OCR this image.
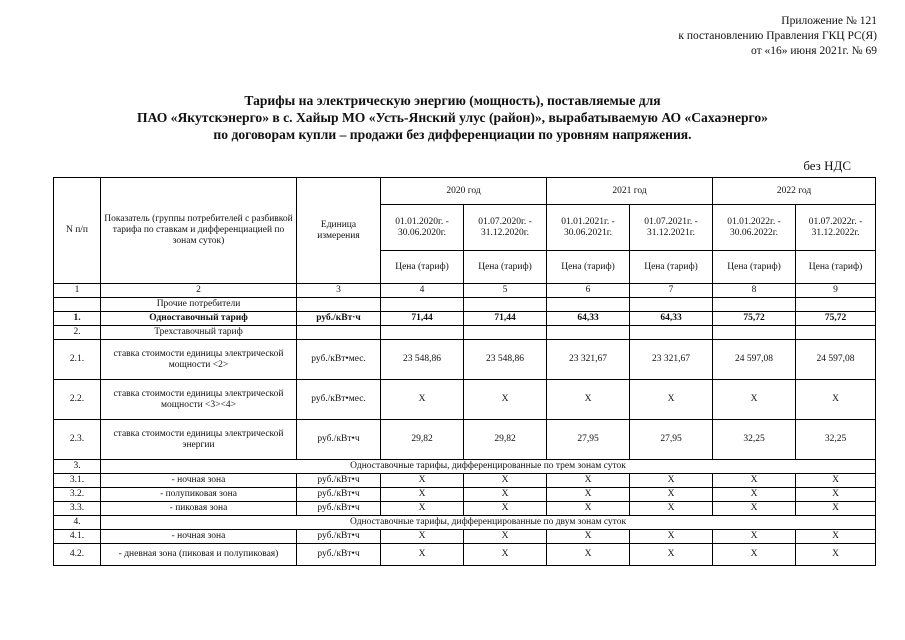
Приложение № 121
к постановлению Правления ГКЦ РС(Я)
от «16» июня 2021г. № 69
Тарифы на электрическую энергию (мощность), поставляемые для
ПАО «Якутскэнерго» в с. Хайыр МО «Усть-Янский улус (район)», вырабатываемую АО «Сахаэнерго»
по договорам купли – продажи без дифференциации по уровням напряжения.
без НДС
N п/п	Показатель (группы потребителей с разбивкой тарифа по ставкам и дифференциацией по зонам суток)	Единица измерения	2020 год		2021 год		2022 год	
			01.01.2020г. - 30.06.2020г.	01.07.2020г. - 31.12.2020г.	01.01.2021г. - 30.06.2021г.	01.07.2021г. - 31.12.2021г.	01.01.2022г. - 30.06.2022г.	01.07.2022г. - 31.12.2022г.
			Цена (тариф)	Цена (тариф)	Цена (тариф)	Цена (тариф)	Цена (тариф)	Цена (тариф)
1	2	3	4	5	6	7	8	9
	Прочие потребители							
1.	Одноставочный тариф	руб./кВт·ч	71,44	71,44	64,33	64,33	75,72	75,72
2.	Трехставочный тариф							
2.1.	ставка стоимости единицы электрической мощности <2>	руб./кВт•мес.	23 548,86	23 548,86	23 321,67	23 321,67	24 597,08	24 597,08
2.2.	ставка стоимости единицы электрической мощности <3><4>	руб./кВт•мес.	X	X	X	X	X	X
2.3.	ставка стоимости единицы электрической энергии	руб./кВт•ч	29,82	29,82	27,95	27,95	32,25	32,25
3.	Одноставочные тарифы, дифференцированные по трем зонам суток							
3.1.	- ночная зона	руб./кВт•ч	X	X	X	X	X	X
3.2.	- полупиковая зона	руб./кВт•ч	X	X	X	X	X	X
3.3.	- пиковая зона	руб./кВт•ч	X	X	X	X	X	X
4.	Одноставочные тарифы, дифференцированные по двум зонам суток							
4.1.	- ночная зона	руб./кВт•ч	X	X	X	X	X	X
4.2.	- дневная зона (пиковая и полупиковая)	руб./кВт•ч	X	X	X	X	X	X
